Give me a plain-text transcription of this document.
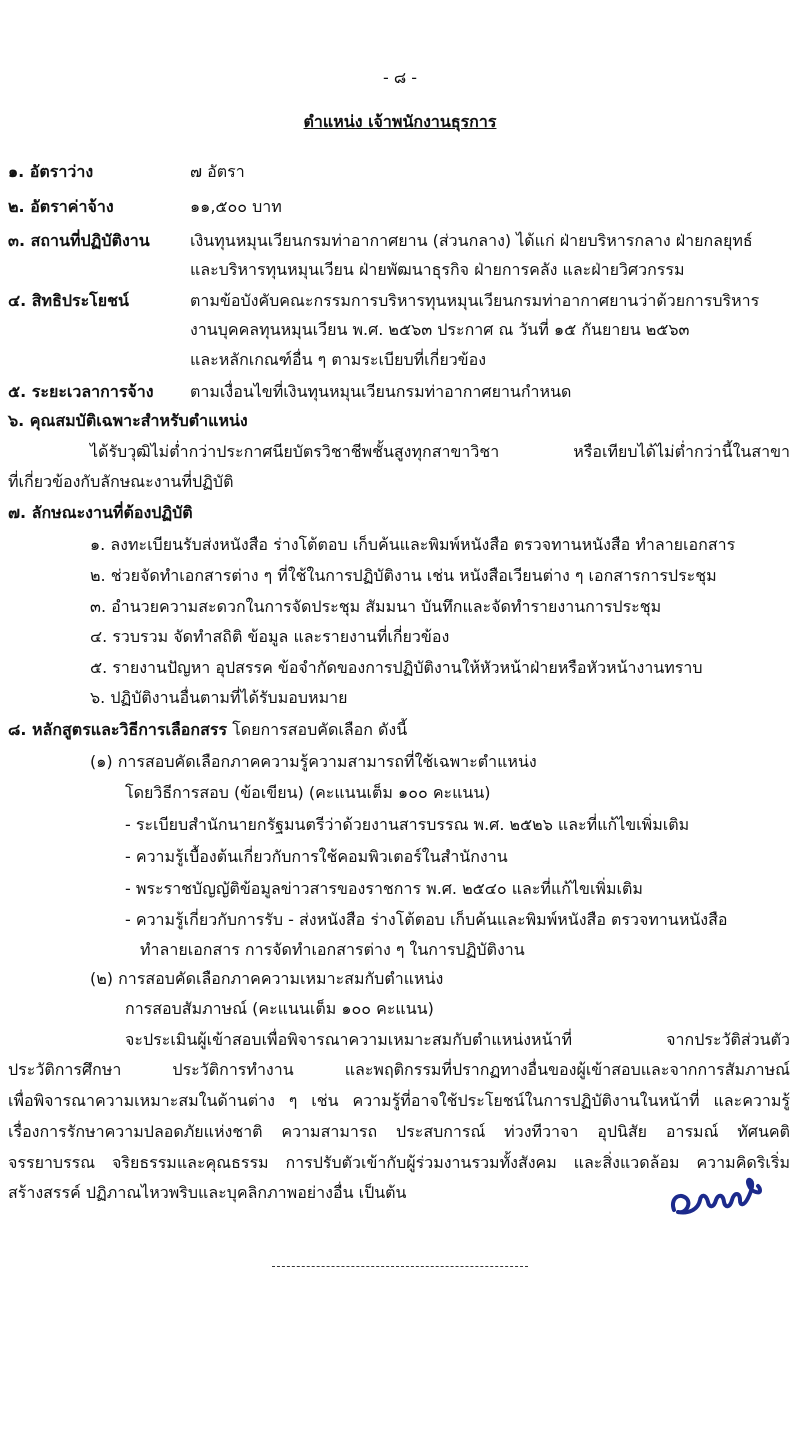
- ๘ -
ตำแหน่ง เจ้าพนักงานธุรการ
๑. อัตราว่าง	๗ อัตรา
๒. อัตราค่าจ้าง	๑๑,๕๐๐ บาท
๓. สถานที่ปฏิบัติงาน	เงินทุนหมุนเวียนกรมท่าอากาศยาน (ส่วนกลาง) ได้แก่ ฝ่ายบริหารกลาง ฝ่ายกลยุทธ์
และบริหารทุนหมุนเวียน ฝ่ายพัฒนาธุรกิจ ฝ่ายการคลัง และฝ่ายวิศวกรรม
๔. สิทธิประโยชน์	ตามข้อบังคับคณะกรรมการบริหารทุนหมุนเวียนกรมท่าอากาศยานว่าด้วยการบริหาร
งานบุคคลทุนหมุนเวียน พ.ศ. ๒๕๖๓ ประกาศ ณ วันที่ ๑๕ กันยายน ๒๕๖๓
และหลักเกณฑ์อื่น ๆ ตามระเบียบที่เกี่ยวข้อง
๕. ระยะเวลาการจ้าง ตามเงื่อนไขที่เงินทุนหมุนเวียนกรมท่าอากาศยานกำหนด
๖. คุณสมบัติเฉพาะสำหรับตำแหน่ง
ได้รับวุฒิไม่ต่ำกว่าประกาศนียบัตรวิชาชีพชั้นสูงทุกสาขาวิชา หรือเทียบได้ไม่ต่ำกว่านี้ในสาขา
ที่เกี่ยวข้องกับลักษณะงานที่ปฏิบัติ
๗. ลักษณะงานที่ต้องปฏิบัติ
๑. ลงทะเบียนรับส่งหนังสือ ร่างโต้ตอบ เก็บค้นและพิมพ์หนังสือ ตรวจทานหนังสือ ทำลายเอกสาร
๒. ช่วยจัดทำเอกสารต่าง ๆ ที่ใช้ในการปฏิบัติงาน เช่น หนังสือเวียนต่าง ๆ เอกสารการประชุม
๓. อำนวยความสะดวกในการจัดประชุม สัมมนา บันทึกและจัดทำรายงานการประชุม
๔. รวบรวม จัดทำสถิติ ข้อมูล และรายงานที่เกี่ยวข้อง
๕. รายงานปัญหา อุปสรรค ข้อจำกัดของการปฏิบัติงานให้หัวหน้าฝ่ายหรือหัวหน้างานทราบ
๖. ปฏิบัติงานอื่นตามที่ได้รับมอบหมาย
๘. หลักสูตรและวิธีการเลือกสรร โดยการสอบคัดเลือก ดังนี้
(๑) การสอบคัดเลือกภาคความรู้ความสามารถที่ใช้เฉพาะตำแหน่ง
โดยวิธีการสอบ (ข้อเขียน) (คะแนนเต็ม ๑๐๐ คะแนน)
- ระเบียบสำนักนายกรัฐมนตรีว่าด้วยงานสารบรรณ พ.ศ. ๒๕๒๖ และที่แก้ไขเพิ่มเติม
- ความรู้เบื้องต้นเกี่ยวกับการใช้คอมพิวเตอร์ในสำนักงาน
- พระราชบัญญัติข้อมูลข่าวสารของราชการ พ.ศ. ๒๕๔๐ และที่แก้ไขเพิ่มเติม
- ความรู้เกี่ยวกับการรับ - ส่งหนังสือ ร่างโต้ตอบ เก็บค้นและพิมพ์หนังสือ ตรวจทานหนังสือ
ทำลายเอกสาร การจัดทำเอกสารต่าง ๆ ในการปฏิบัติงาน
(๒) การสอบคัดเลือกภาคความเหมาะสมกับตำแหน่ง
การสอบสัมภาษณ์ (คะแนนเต็ม ๑๐๐ คะแนน)
จะประเมินผู้เข้าสอบเพื่อพิจารณาความเหมาะสมกับตำแหน่งหน้าที่ จากประวัติส่วนตัว
ประวัติการศึกษา ประวัติการทำงาน และพฤติกรรมที่ปรากฏทางอื่นของผู้เข้าสอบและจากการสัมภาษณ์
เพื่อพิจารณาความเหมาะสมในด้านต่าง ๆ เช่น ความรู้ที่อาจใช้ประโยชน์ในการปฏิบัติงานในหน้าที่ และความรู้
เรื่องการรักษาความปลอดภัยแห่งชาติ ความสามารถ ประสบการณ์ ท่วงทีวาจา อุปนิสัย อารมณ์ ทัศนคติ
จรรยาบรรณ จริยธรรมและคุณธรรม การปรับตัวเข้ากับผู้ร่วมงานรวมทั้งสังคม และสิ่งแวดล้อม ความคิดริเริ่ม
สร้างสรรค์ ปฏิภาณไหวพริบและบุคลิกภาพอย่างอื่น เป็นต้น
